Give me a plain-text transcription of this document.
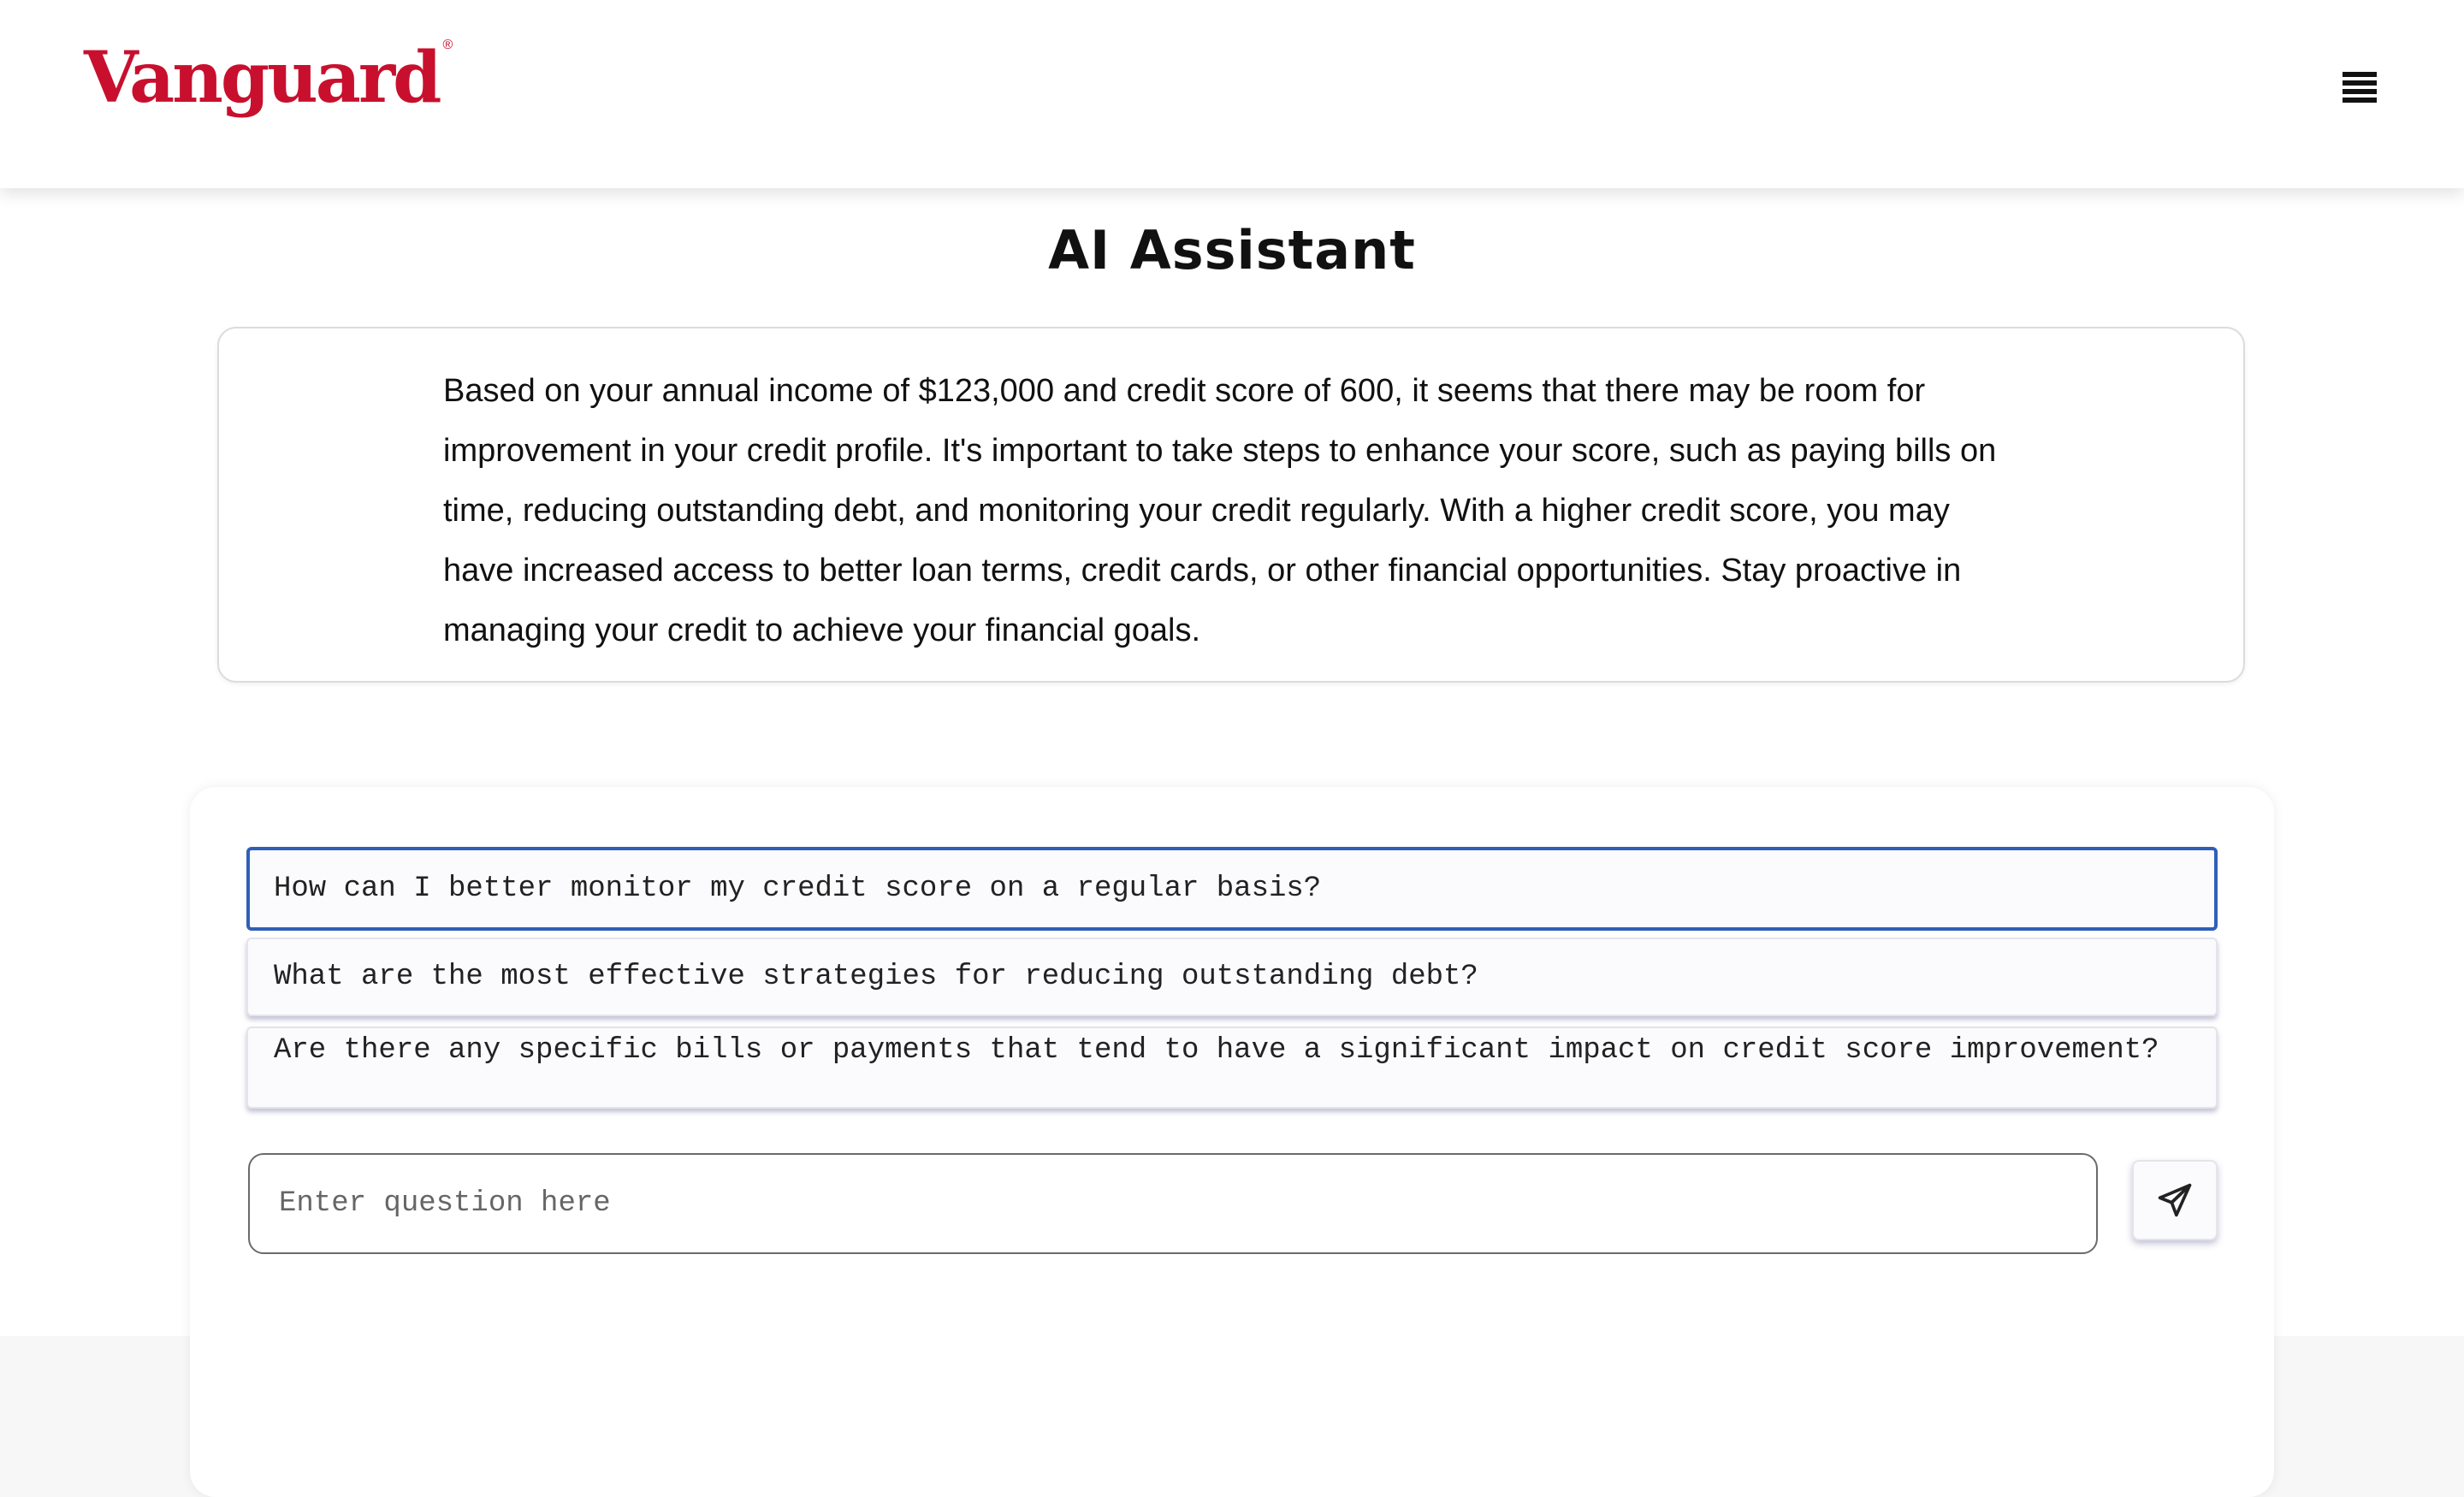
Vanguard ®
AI Assistant

Based on your annual income of $123,000 and credit score of 600, it seems that there may be room for improvement in your credit profile. It's important to take steps to enhance your score, such as paying bills on time, reducing outstanding debt, and monitoring your credit regularly. With a higher credit score, you may have increased access to better loan terms, credit cards, or other financial opportunities. Stay proactive in managing your credit to achieve your financial goals.

How can I better monitor my credit score on a regular basis?
What are the most effective strategies for reducing outstanding debt?
Are there any specific bills or payments that tend to have a significant impact on credit score improvement?
Enter question here
